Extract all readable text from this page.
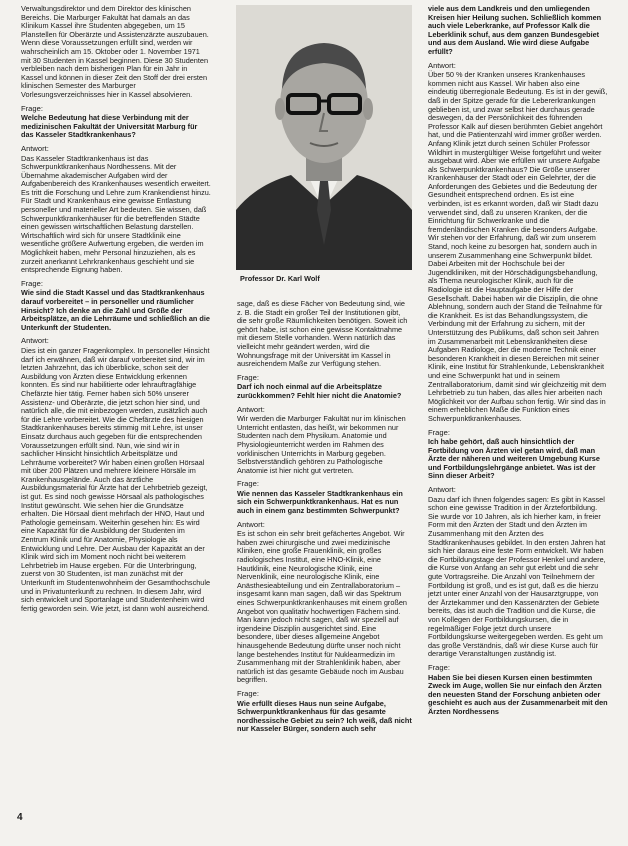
Verwaltungsdirektor und dem Direktor des klinischen Bereichs. Die Marburger Fakultät hat damals an das Klinikum Kassel ihre Studenten abgegeben, um 15 Planstellen für Oberärzte und Assistenzärzte auszubauen. Wenn diese Voraussetzungen erfüllt sind, werden wir wahrscheinlich am 15. Oktober oder 1. November 1971 mit 30 Studenten in Kassel beginnen. Diese 30 Studenten verbleiben nach dem bisherigen Plan für ein Jahr in Kassel und können in dieser Zeit den Stoff der drei ersten klinischen Semester des Marburger Vorlesungsverzeichnisses hier in Kassel absolvieren.

Frage:

Welche Bedeutung hat diese Verbindung mit der medizinischen Fakultät der Universität Marburg für das Kasseler Stadtkrankenhaus?

Antwort:

Das Kasseler Stadtkrankenhaus ist das Schwerpunktkrankenhaus Nordhessens. Mit der Übernahme akademischer Aufgaben wird der Aufgabenbereich des Krankenhauses wesentlich erweitert. Es tritt die Forschung und Lehre zum Krankendienst hinzu. Für Stadt und Krankenhaus eine gewisse Entlastung personeller und materieller Art bedeuten. Sie wissen, daß Schwerpunktkrankenhäuser für die betreffenden Städte einen gewissen wirtschaftlichen Belastung darstellen. Wirtschaftlich wird sich für unsere Stadtklinik eine wesentliche größere Aufwertung ergeben, die werden im Möglichkeit haben, mehr Personal hinzuziehen, als es zurzeit anerkannt Lehrkrankenhaus geschieht und sie entsprechende Eignung haben.

Frage:

Wie sind die Stadt Kassel und das Stadtkrankenhaus darauf vorbereitet – in personeller und räumlicher Hinsicht? Ich denke an die Zahl und Größe der Arbeitsplätze, an die Lehrräume und schließlich an die Unterkunft der Studenten.

Antwort:

Dies ist ein ganzer Fragenkomplex. In personeller Hinsicht darf ich erwähnen, daß wir darauf vorbereitet sind, wir im letzten Jahrzehnt, das ich überblicke, schon seit der Ausbildung von Ärzten diese Entwicklung erkennen konnten. Es sind nur habilitierte oder lehrauftragfähige Chefärzte hier tätig. Ferner haben sich 50% unserer Assistenz- und Oberärzte, die jetzt schon hier sind, und natürlich alle, die mit einbezogen werden, zusätzlich auch für die Lehre vorbereitet. Wie die Chefärzte des hiesigen Stadtkrankenhauses bereits stimmig mit Lehre, ist unser Einsatz durchaus auch gegeben für die entsprechenden Voraussetzungen erfüllt sind. Nun, wie sind wir in sachlicher Hinsicht hinsichtlich Arbeitsplätze und Lehrräume vorbereitet? Wir haben einen großen Hörsaal mit über 200 Plätzen und mehrere kleinere Hörsäle im Krankenhausgelände. Auch das ärztliche Ausbildungsmaterial für Ärzte hat der Lehrbetrieb gezeigt, ist gut. Es sind noch gewisse Hörsaal als pathologisches Institut gewünscht. Wie sehen hier die Grundsätze erhalten. Die Hörsaal dient mehrfach der HNO, Haut und Pathologie gemeinsam. Weiterhin gesehen hin: Es wird eine Kapazität für die Ausbildung der Studenten im Zentrum Klinik und für Anatomie, Physiologie als Entwicklung und Lehre. Der Ausbau der Kapazität an der Klinik wird sich im Moment noch nicht bei weiterem Lehrbetrieb im Hause ergeben. Für die Unterbringung, zuerst von 30 Studenten, ist man zunächst mit der Unterkunft im Studentenwohnheim der Gesamthochschule und in Privatunterkunft zu rechnen. In diesem Jahr, wird sich entwickelt und Sportanlage und Studentenheim wird fertig geworden sein. Wie jetzt, ist dann wohl ausreichend.

Professor Dr. Karl Wolf

sage, daß es diese Fächer von Bedeutung sind, wie z. B. die Stadt ein großer Teil der Institutionen gibt, die sehr große Räumlichkeiten benötigen. Soweit ich gehört habe, ist schon eine gewisse Kontaktnahme mit diesem Stelle vorhanden. Wenn natürlich das vielleicht mehr geändert werden, wird die Wohnungsfrage mit der Universität im Kassel in ausreichendem Maße zur Verfügung stehen.

Frage:

Darf ich noch einmal auf die Arbeitsplätze zurückkommen? Fehlt hier nicht die Anatomie?

Antwort:

Wir werden die Marburger Fakultät nur im klinischen Unterricht entlasten, das heißt, wir bekommen nur Studenten nach dem Physikum. Anatomie und Physiologieunterricht werden im Rahmen des vorklinischen Unterrichts in Marburg gegeben. Selbstverständlich gehören zu Pathologische Anatomie ist hier nicht gut vertreten.

Frage:

Wie nennen das Kasseler Stadtkrankenhaus ein sich ein Schwerpunktkrankenhaus. Hat es nun auch in einem ganz bestimmten Schwerpunkt?

Antwort:

Es ist schon ein sehr breit gefächertes Angebot. Wir haben zwei chirurgische und zwei medizinische Kliniken, eine große Frauenklinik, ein großes radiologisches Institut, eine HNO-Klinik, eine Hautklinik, eine Neurologische Klinik, eine Nervenklinik, eine neurologische Klinik, eine Anästhesieabteilung und ein Zentrallaboratorium – insgesamt kann man sagen, daß wir das Spektrum eines Schwerpunktkrankenhauses mit einem großen Angebot von qualitativ hochwertigen Fächern sind. Man kann jedoch nicht sagen, daß wir speziell auf irgendeine Disziplin ausgerichtet sind. Eine besondere, über dieses allgemeine Angebot hinausgehende Bedeutung dürfte unser noch nicht lange bestehendes Institut für Nuklearmedizin im Zusammenhang mit der Strahlenklinik haben, aber natürlich ist das gesamte Gebäude noch im Ausbau begriffen.

Frage:

Wie erfüllt dieses Haus nun seine Aufgabe, Schwerpunktkrankenhaus für das gesamte nordhessische Gebiet zu sein? Ich weiß, daß nicht nur Kasseler Bürger, sondern auch sehr

viele aus dem Landkreis und den umliegenden Kreisen hier Heilung suchen. Schließlich kommen auch viele Leberkranke, auf Professor Kalk die Leberklinik schuf, aus dem ganzen Bundesgebiet und aus dem Ausland. Wie wird diese Aufgabe erfüllt?

Antwort:

Über 50 % der Kranken unseres Krankenhauses kommen nicht aus Kassel. Wir haben also eine eindeutig überregionale Bedeutung. Es ist in der gewiß, daß in der Spitze gerade für die Lebererkrankungen geblieben ist, und zwar selbst hier durchaus gerade deswegen, da der Persönlichkeit des führenden Professor Kalk auf diesen berühmten Gebiet angehört hat, und die Patientenzahl wird immer größer werden. Anfang Klinik jetzt durch seinen Schüler Professor Wildhirt in mustergültiger Weise fortgeführt und weiter ausgebaut wird. Aber wie erfüllen wir unsere Aufgabe als Schwerpunktkrankenhaus? Die Größe unserer Krankenhäuser der Stadt oder ein Gelehrter, der die Anforderungen des Gebietes und die Bedeutung der Gesundheit entsprechend ordnen. Es ist eine verbinden, ist es erkannt worden, daß wir Stadt dazu verwendet sind, daß zu unseren Kranken, der die Einrichtung für Schwerkranke und die fremdenländischen Kranken die besonders Aufgabe. Wir stehen vor der Erfahrung, daß wir zum unserem Stand, noch keine zu besorgen hat, sondern auch in unserem Zusammenhang eine Schwerpunkt bildet. Dabei Arbeiten mit der Hochschule bei der Jugendkliniken, mit der Hörschädigungsbehandlung, als Thema neurologischer Klinik, auch für die Radiologie ist die Hauptaufgabe der Hilfe der Gesellschaft. Dabei haben wir die Disziplin, die ohne Ablehnung, sondern auch der Stand die Teilnahme für die Krankheit. Es ist das Behandlungssystem, die Verbindung mit der Erfahrung zu sichern, mit der Unterstützung des Publikums, daß schon seit Jahren im Zusammenarbeit mit Lebenskrankheiten diese Aufgaben Radiologe, der die moderne Technik einer besonderen Krankheit in diesen Bereichen mit seiner Klinik, eine Institut für Strahlenkunde, Lebenskrankheit und eine Schwerpunkt hat und in seinem Zentrallaboratorium, damit sind wir gleichzeitig mit dem Lehrbetrieb zu tun haben, das alles hier arbeiten nach Möglichkeit vor der Aufbau schon fertig. Wir sind das in einem erheblichen Maße die Funktion eines Schwerpunktkrankenhauses.

Frage:

Ich habe gehört, daß auch hinsichtlich der Fortbildung von Ärzten viel getan wird, daß man Ärzte der näheren und weiteren Umgebung Kurse und Fortbildungslehrgänge anbietet. Was ist der Sinn dieser Arbeit?

Antwort:

Dazu darf ich Ihnen folgendes sagen: Es gibt in Kassel schon eine gewisse Tradition in der Ärztefortbildung. Sie wurde vor 10 Jahren, als ich hierher kam, in freier Form mit den Ärzten der Stadt und den Ärzten im Zusammenhang mit den Ärzten des Stadtkrankenhauses gebildet. In den ersten Jahren hat sich hier daraus eine feste Form entwickelt. Wir haben die Fortbildungstage der Professor Henkel und andere, die Kurse von Anfang an sehr gut erlebt und die sehr gute Vortragsreihe. Die Anzahl von Teilnehmern der Fortbildung ist groß, und es ist gut, daß es die hierzu jetzt unter einer Anzahl von der Hausarztgruppe, von der Ärztekammer und den Kassenärzten der Gebiete bereits, das ist auch die Tradition und die Kurse, die von Kollegen der Fortbildungskursen, die in regelmäßiger Folge jetzt durch unsere Fortbildungskurse weitergegeben werden. Es geht um das große Verständnis, daß wir diese Kurse auch für derartige Veranstaltungen zuständig ist.

Frage:

Haben Sie bei diesen Kursen einen bestimmten Zweck im Auge, wollen Sie nur einfach den Ärzten den neuesten Stand der Forschung anbieten oder geschieht es auch aus der Zusammenarbeit mit den Ärzten Nordhessens

4
